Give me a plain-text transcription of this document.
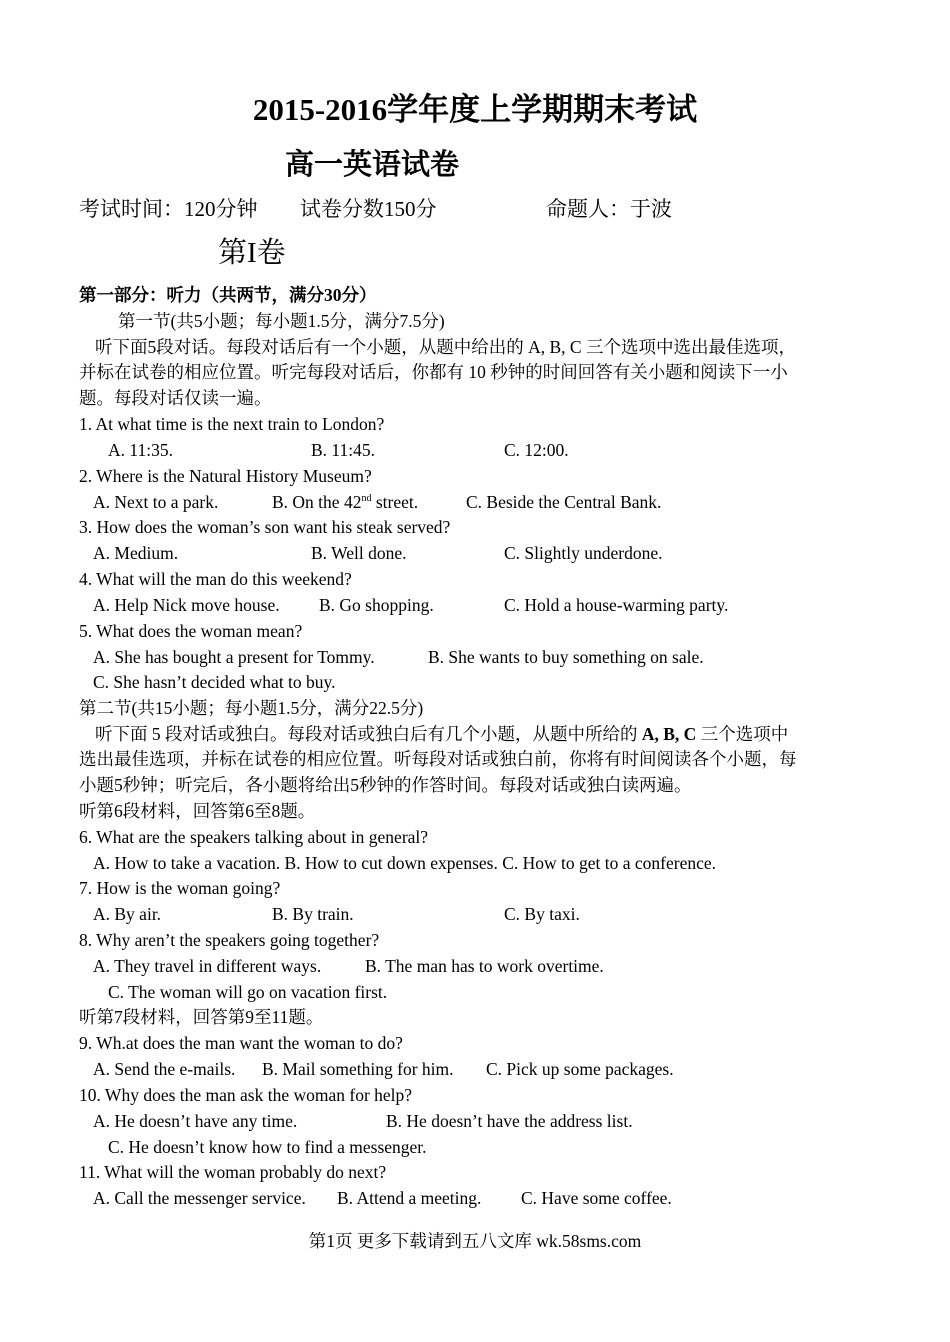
2015-2016学年度上学期期末考试
高一英语试卷
考试时间：120分钟 试卷分数150分	命题人：于波
第I卷
第一部分：听力（共两节，满分30分）
第一节(共5小题；每小题1.5分，满分7.5分)
听下面5段对话。每段对话后有一个小题，从题中给出的 A, B, C 三个选项中选出最佳选项，
并标在试卷的相应位置。听完每段对话后，你都有 10 秒钟的时间回答有关小题和阅读下一小
题。每段对话仅读一遍。
1. At what time is the next train to London?
A. 11:35.	B. 11:45.	C. 12:00.
2. Where is the Natural History Museum?
A. Next to a park.	B. On the 42nd street.	C. Beside the Central Bank.
3. How does the woman’s son want his steak served?
A. Medium.	B. Well done.	C. Slightly underdone.
4. What will the man do this weekend?
A. Help Nick move house. B. Go shopping.	C. Hold a house-warming party.
5. What does the woman mean?
A. She has bought a present for Tommy.	B. She wants to buy something on sale.
C. She hasn’t decided what to buy.
第二节(共15小题；每小题1.5分，满分22.5分)
听下面 5 段对话或独白。每段对话或独白后有几个小题，从题中所给的 A, B, C 三个选项中
选出最佳选项，并标在试卷的相应位置。听每段对话或独白前，你将有时间阅读各个小题，每
小题5秒钟；听完后，各小题将给出5秒钟的作答时间。每段对话或独白读两遍。
听第6段材料，回答第6至8题。
6. What are the speakers talking about in general?
A. How to take a vacation. B. How to cut down expenses. C. How to get to a conference.
7. How is the woman going?
A. By air.	B. By train.	C. By taxi.
8. Why aren’t the speakers going together?
A. They travel in different ways.	B. The man has to work overtime.
C. The woman will go on vacation first.
听第7段材料，回答第9至11题。
9. Wh.at does the man want the woman to do?
A. Send the e-mails. B. Mail something for him. C. Pick up some packages.
10. Why does the man ask the woman for help?
A. He doesn’t have any time.	B. He doesn’t have the address list.
C. He doesn’t know how to find a messenger.
11. What will the woman probably do next?
A. Call the messenger service. B. Attend a meeting. C. Have some coffee.
第1页 更多下载请到五八文库 wk.58sms.com
